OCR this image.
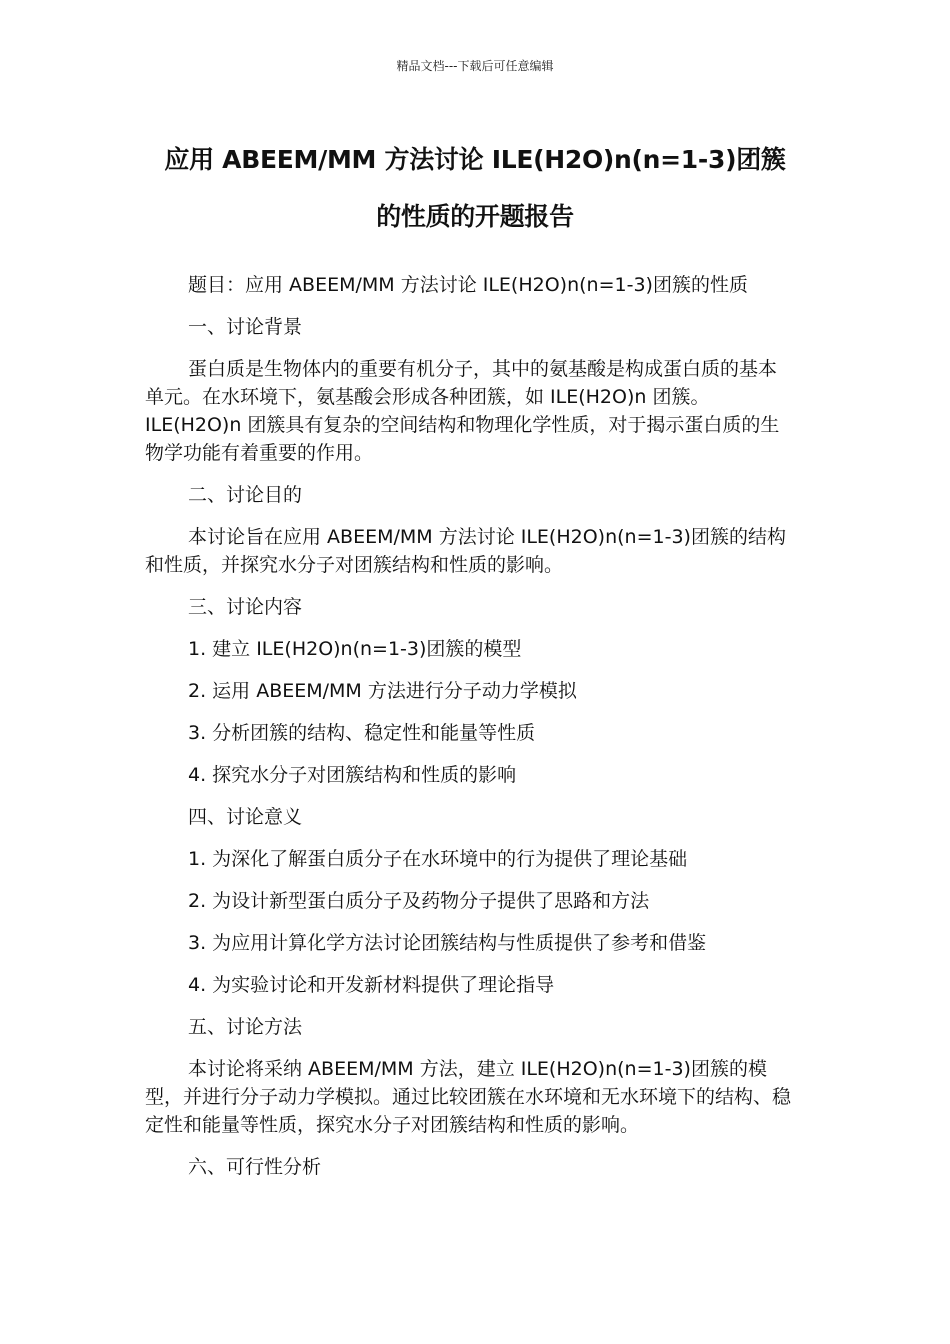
精品文档---下载后可任意编辑
应用 ABEEM/MM 方法讨论 ILE(H2O)n(n=1-3)团簇
的性质的开题报告

题目：应用 ABEEM/MM 方法讨论 ILE(H2O)n(n=1-3)团簇的性质

一、讨论背景

蛋白质是生物体内的重要有机分子，其中的氨基酸是构成蛋白质的基本单元。在水环境下，氨基酸会形成各种团簇，如 ILE(H2O)n 团簇。ILE(H2O)n 团簇具有复杂的空间结构和物理化学性质，对于揭示蛋白质的生物学功能有着重要的作用。

二、讨论目的

本讨论旨在应用 ABEEM/MM 方法讨论 ILE(H2O)n(n=1-3)团簇的结构和性质，并探究水分子对团簇结构和性质的影响。

三、讨论内容

1. 建立 ILE(H2O)n(n=1-3)团簇的模型

2. 运用 ABEEM/MM 方法进行分子动力学模拟

3. 分析团簇的结构、稳定性和能量等性质

4. 探究水分子对团簇结构和性质的影响

四、讨论意义

1. 为深化了解蛋白质分子在水环境中的行为提供了理论基础

2. 为设计新型蛋白质分子及药物分子提供了思路和方法

3. 为应用计算化学方法讨论团簇结构与性质提供了参考和借鉴

4. 为实验讨论和开发新材料提供了理论指导

五、讨论方法

本讨论将采纳 ABEEM/MM 方法，建立 ILE(H2O)n(n=1-3)团簇的模型，并进行分子动力学模拟。通过比较团簇在水环境和无水环境下的结构、稳定性和能量等性质，探究水分子对团簇结构和性质的影响。

六、可行性分析
